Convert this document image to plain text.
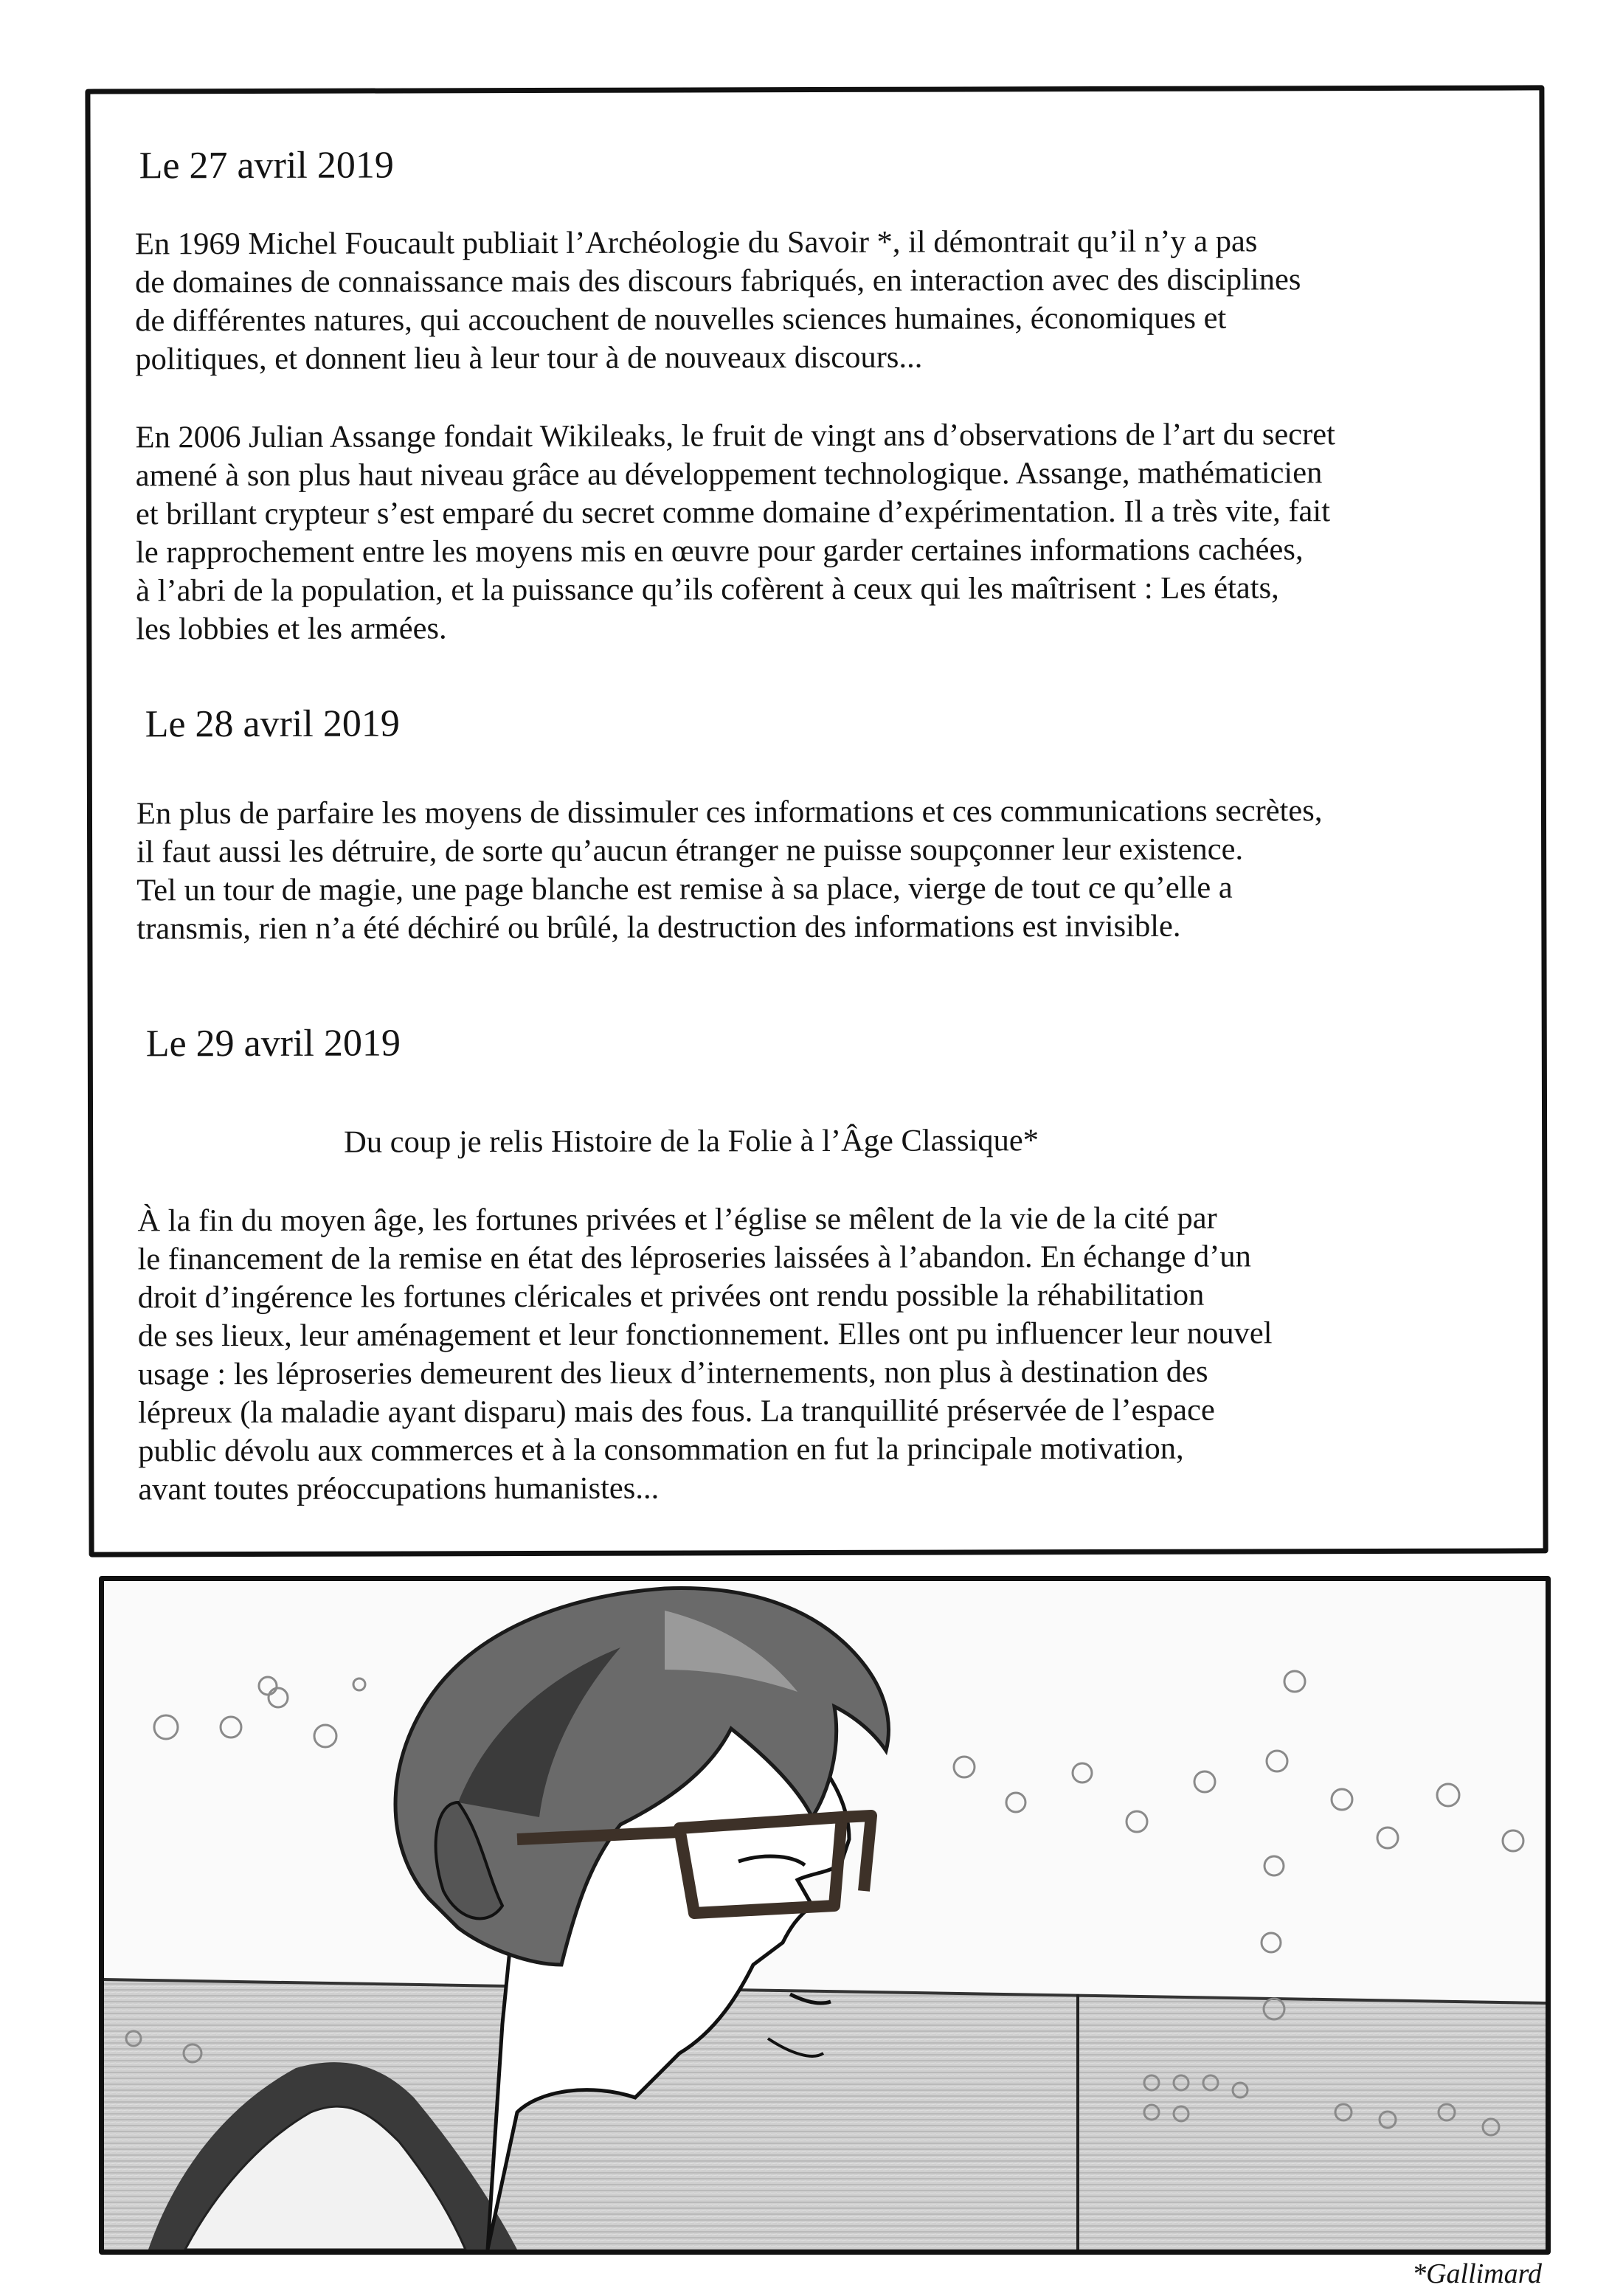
Le 27 avril 2019
En 1969 Michel Foucault publiait l’Archéologie du Savoir *, il démontrait qu’il n’y a pas
de domaines de connaissance mais des discours fabriqués, en interaction avec des disciplines
de différentes natures, qui accouchent de nouvelles sciences humaines, économiques et
politiques, et donnent lieu à leur tour à de nouveaux discours...
En 2006 Julian Assange fondait Wikileaks, le fruit de vingt ans d’observations de l’art du secret
amené à son plus haut niveau grâce au développement technologique. Assange, mathématicien
et brillant crypteur s’est emparé du secret comme domaine d’expérimentation. Il a très vite, fait
le rapprochement entre les moyens mis en œuvre pour garder certaines informations cachées,
à l’abri de la population, et la puissance qu’ils cofèrent à ceux qui les maîtrisent : Les états,
les lobbies et les armées.
Le 28 avril 2019
En plus de parfaire les moyens de dissimuler ces informations et ces communications secrètes,
il faut aussi les détruire, de sorte qu’aucun étranger ne puisse soupçonner leur existence.
Tel un tour de magie, une page blanche est remise à sa place, vierge de tout ce qu’elle a
transmis, rien n’a été déchiré ou brûlé, la destruction des informations est invisible.
Le 29 avril 2019
Du coup je relis Histoire de la Folie à l’Âge Classique*
À la fin du moyen âge, les fortunes privées et l’église se mêlent de la vie de la cité par
le financement de la remise en état des léproseries laissées à l’abandon. En échange d’un
droit d’ingérence les fortunes cléricales et privées ont rendu possible la réhabilitation
de ses lieux, leur aménagement et leur fonctionnement. Elles ont pu influencer leur nouvel
usage : les léproseries demeurent des lieux d’internements, non plus à destination des
lépreux (la maladie ayant disparu) mais des fous. La tranquillité préservée de l’espace
public dévolu aux commerces et à la consommation en fut la principale motivation,
avant toutes préoccupations humanistes...
*Gallimard
